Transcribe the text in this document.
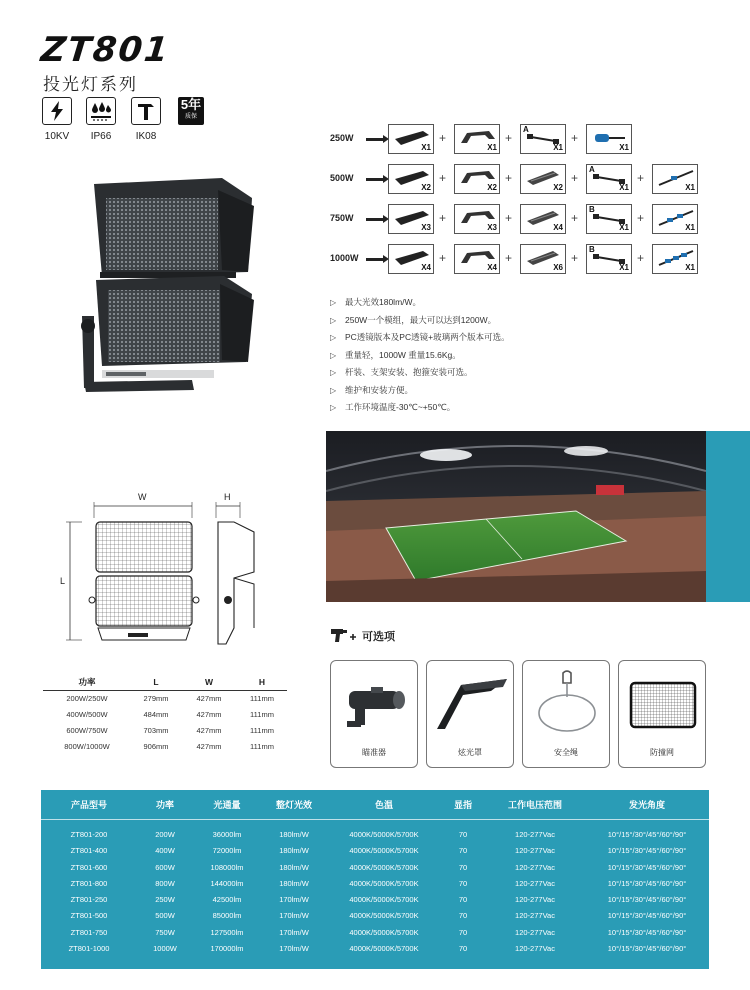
ZT801
投光灯系列
10KV	IP66	IK08
5年
质保
250W
X1
+
X1
+
A
X1
+
X1
500W
X2
+
X2
+
X2
+
A
X1
+
X1
750W
X3
+
X3
+
X4
+
B
X1
+
X1
1000W
X4
+
X4
+
X6
+
B
X1
+
X1
▷ 最大光效180lm/W。
▷ 250W一个模组，最大可以达到1200W。
▷ PC透镜版本及PC透镜+玻璃两个版本可选。
▷ 重量轻，1000W 重量15.6Kg。
▷ 杆装、支架安装、抱箍安装可选。
▷ 维护和安装方便。
▷ 工作环境温度-30℃~+50℃。
W	H
L
功率	L	W	H
200W/250W	279mm	427mm	111mm
400W/500W	484mm	427mm	111mm
600W/750W	703mm	427mm	111mm
800W/1000W	906mm	427mm	111mm
可选项
瞄准器	炫光罩	安全绳	防撞网
产品型号	功率	光通量	整灯光效	色温	显指	工作电压范围	发光角度
ZT801-200	200W	36000lm	180lm/W	4000K/5000K/5700K	70	120-277Vac	10°/15°/30°/45°/60°/90°
ZT801-400	400W	72000lm	180lm/W	4000K/5000K/5700K	70	120-277Vac	10°/15°/30°/45°/60°/90°
ZT801-600	600W	108000lm	180lm/W	4000K/5000K/5700K	70	120-277Vac	10°/15°/30°/45°/60°/90°
ZT801-800	800W	144000lm	180lm/W	4000K/5000K/5700K	70	120-277Vac	10°/15°/30°/45°/60°/90°
ZT801-250	250W	42500lm	170lm/W	4000K/5000K/5700K	70	120-277Vac	10°/15°/30°/45°/60°/90°
ZT801-500	500W	85000lm	170lm/W	4000K/5000K/5700K	70	120-277Vac	10°/15°/30°/45°/60°/90°
ZT801-750	750W	127500lm	170lm/W	4000K/5000K/5700K	70	120-277Vac	10°/15°/30°/45°/60°/90°
ZT801-1000	1000W	170000lm	170lm/W	4000K/5000K/5700K	70	120-277Vac	10°/15°/30°/45°/60°/90°
